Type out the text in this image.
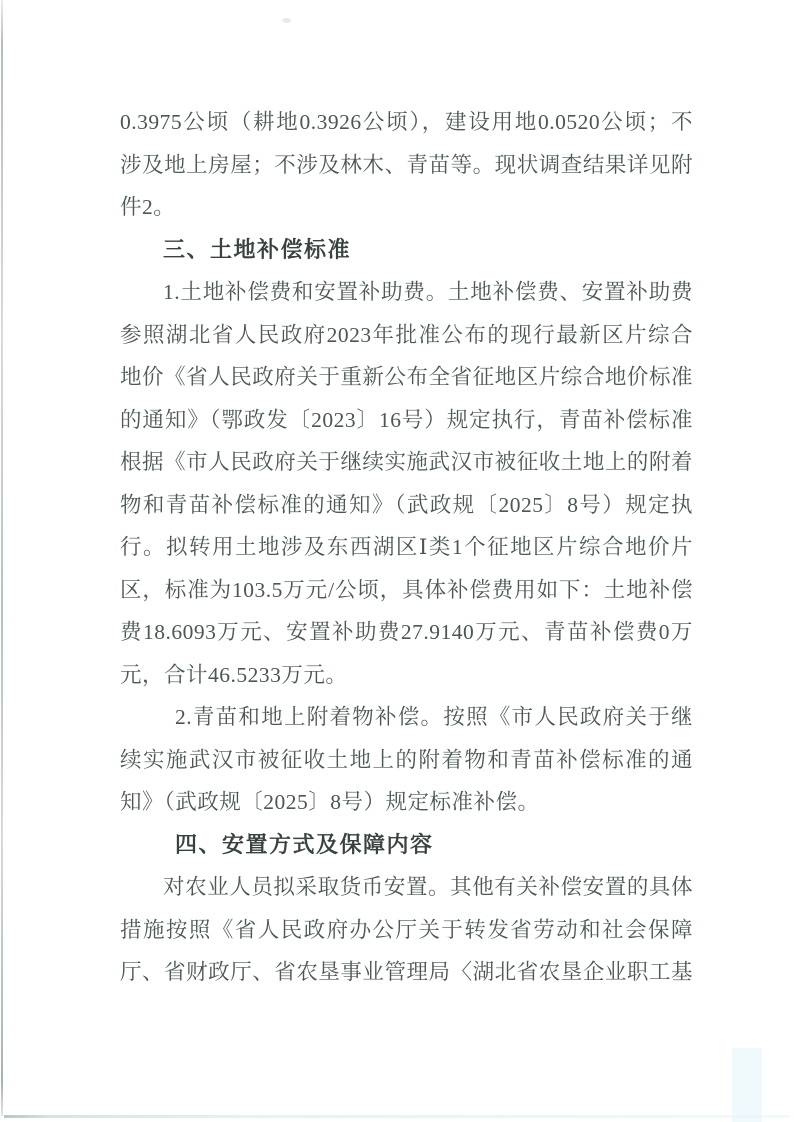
0.3975公顷（耕地0.3926公顷），建设用地0.0520公顷；不
涉及地上房屋；不涉及林木、青苗等。现状调查结果详见附
件2。
三、土地补偿标准
1.土地补偿费和安置补助费。土地补偿费、安置补助费
参照湖北省人民政府2023年批准公布的现行最新区片综合
地价《省人民政府关于重新公布全省征地区片综合地价标准
的通知》（鄂政发〔2023〕16号）规定执行，青苗补偿标准
根据《市人民政府关于继续实施武汉市被征收土地上的附着
物和青苗补偿标准的通知》（武政规〔2025〕8号）规定执
行。拟转用土地涉及东西湖区Ⅰ类1个征地区片综合地价片
区，标准为103.5万元/公顷，具体补偿费用如下：土地补偿
费18.6093万元、安置补助费27.9140万元、青苗补偿费0万
元，合计46.5233万元。
2.青苗和地上附着物补偿。按照《市人民政府关于继
续实施武汉市被征收土地上的附着物和青苗补偿标准的通
知》（武政规〔2025〕8号）规定标准补偿。
四、安置方式及保障内容
对农业人员拟采取货币安置。其他有关补偿安置的具体
措施按照《省人民政府办公厅关于转发省劳动和社会保障
厅、省财政厅、省农垦事业管理局〈湖北省农垦企业职工基
